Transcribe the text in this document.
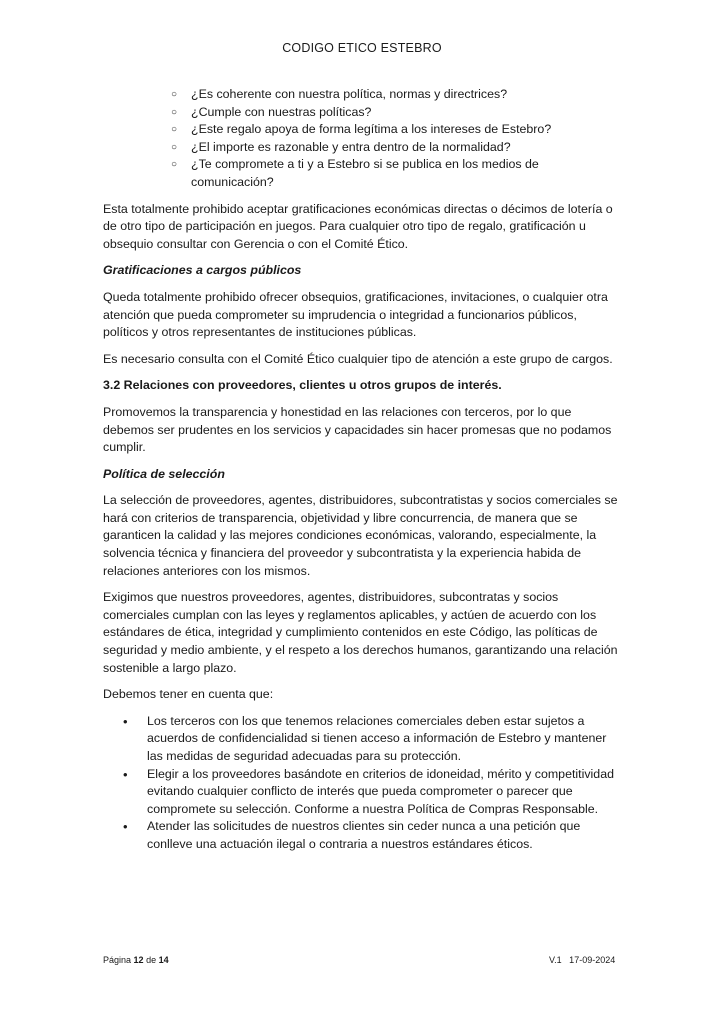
CODIGO ETICO ESTEBRO
○ ¿Es coherente con nuestra política, normas y directrices?
○ ¿Cumple con nuestras políticas?
○ ¿Este regalo apoya de forma legítima a los intereses de Estebro?
○ ¿El importe es razonable y entra dentro de la normalidad?
○ ¿Te compromete a ti y a Estebro si se publica en los medios de comunicación?

Esta totalmente prohibido aceptar gratificaciones económicas directas o décimos de lotería o de otro tipo de participación en juegos. Para cualquier otro tipo de regalo, gratificación u obsequio consultar con Gerencia o con el Comité Ético.

Gratificaciones a cargos públicos

Queda totalmente prohibido ofrecer obsequios, gratificaciones, invitaciones, o cualquier otra atención que pueda comprometer su imprudencia o integridad a funcionarios públicos, políticos y otros representantes de instituciones públicas.

Es necesario consulta con el Comité Ético cualquier tipo de atención a este grupo de cargos.

3.2 Relaciones con proveedores, clientes u otros grupos de interés.

Promovemos la transparencia y honestidad en las relaciones con terceros, por lo que debemos ser prudentes en los servicios y capacidades sin hacer promesas que no podamos cumplir.

Política de selección

La selección de proveedores, agentes, distribuidores, subcontratistas y socios comerciales se hará con criterios de transparencia, objetividad y libre concurrencia, de manera que se garanticen la calidad y las mejores condiciones económicas, valorando, especialmente, la solvencia técnica y financiera del proveedor y subcontratista y la experiencia habida de relaciones anteriores con los mismos.

Exigimos que nuestros proveedores, agentes, distribuidores, subcontratas y socios comerciales cumplan con las leyes y reglamentos aplicables, y actúen de acuerdo con los estándares de ética, integridad y cumplimiento contenidos en este Código, las políticas de seguridad y medio ambiente, y el respeto a los derechos humanos, garantizando una relación sostenible a largo plazo.

Debemos tener en cuenta que:

• Los terceros con los que tenemos relaciones comerciales deben estar sujetos a acuerdos de confidencialidad si tienen acceso a información de Estebro y mantener las medidas de seguridad adecuadas para su protección.
• Elegir a los proveedores basándote en criterios de idoneidad, mérito y competitividad evitando cualquier conflicto de interés que pueda comprometer o parecer que compromete su selección. Conforme a nuestra Política de Compras Responsable.
• Atender las solicitudes de nuestros clientes sin ceder nunca a una petición que conlleve una actuación ilegal o contraria a nuestros estándares éticos.
Página 12 de 14	V.1   17-09-2024
